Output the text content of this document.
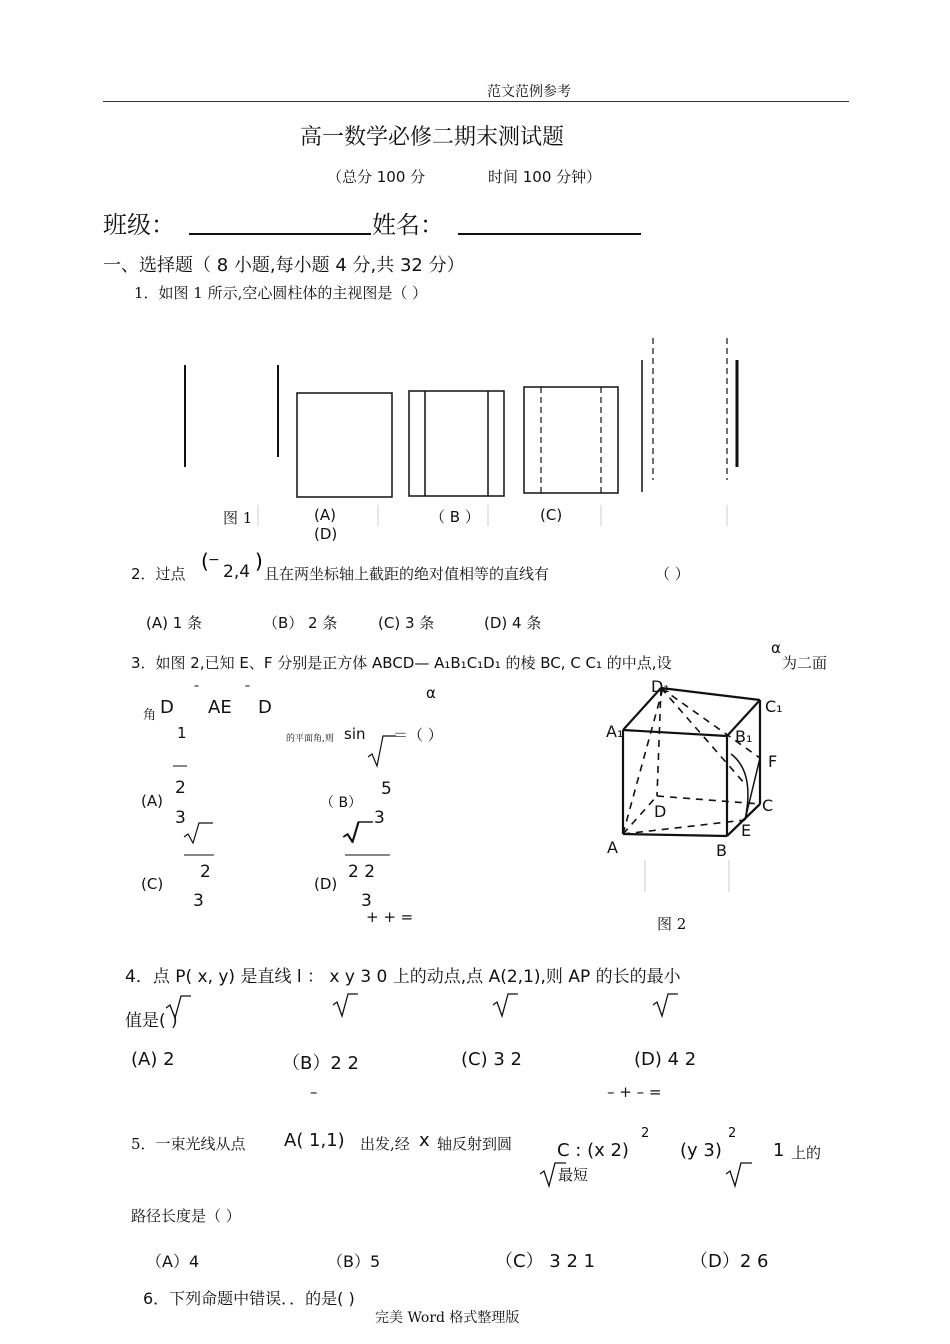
范文范例参考
高一数学必修二期末测试题
（总分 100 分	时间 100 分钟）
班级：	姓名：
一、选择题（ 8 小题,每小题 4 分,共 32 分）
1．如图 1 所示,空心圆柱体的主视图是（ ）
图 1	(A)	（ B ）	(C)
(D)
2．过点
( )
−
2,4 且在两坐标轴上截距的绝对值相等的直线有	（ ）
(A) 1 条	（B） 2 条	(C) 3 条	(D) 4 条
3．如图 2,已知 E、F 分别是正方体 ABCD— A₁B₁C₁D₁ 的棱 BC, C C₁ 的中点,设
α
为二面
角 D
¯
AE
¯
D
1
α
的平面角,则 sin ＝（ ）
(A)
2
3
（ B）
5
3
(C)
2
3
(D)
2 2
3
+ + =
D₁
C₁
A₁	B₁
F
C
D
E
A	B
图 2
4．点 P( x, y) 是直线 l ： x y 3 0 上的动点,点 A(2,1),则 AP 的长的最小
值是( )
(A) 2	（B）2 2	(C) 3 2	(D) 4 2
–	– + – =
5．一束光线从点 A( 1,1) 出发,经 x 轴反射到圆 C : (x 2)
2
(y 3)
2
1 上的
最短
路径长度是（ ）
（A）4	（B）5	（C） 3 2 1	（D）2 6
6．下列命题中错误．．的是( )
完美 Word 格式整理版
